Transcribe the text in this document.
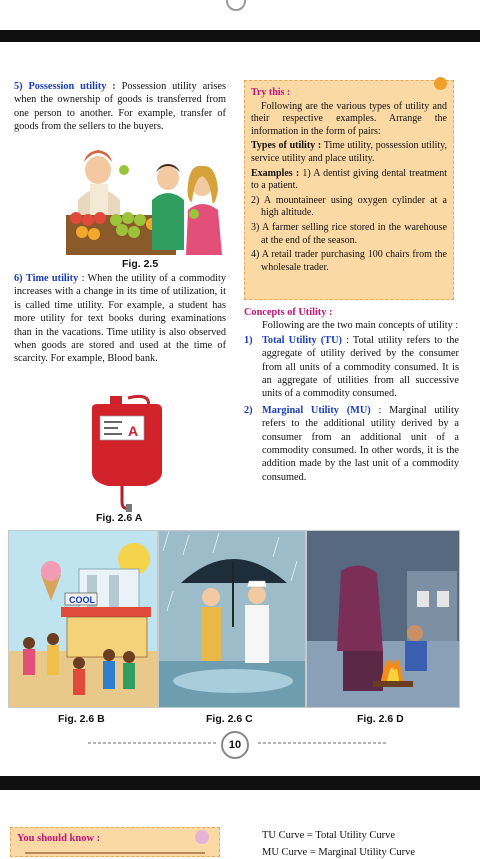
5) Possession utility : Possession utility arises when the ownership of goods is transferred from one person to another. For example, transfer of goods from the sellers to the buyers.
Fig. 2.5
6) Time utility : When the utility of a commodity increases with a change in its time of utilization, it is called time utility. For example, a student has more utility for text books during examinations than in the vacations. Time utility is also observed when goods are stored and used at the time of scarcity. For example, Blood bank.
A
Fig. 2.6 A
Try this :
Following are the various types of utility and their respective examples. Arrange the information in the form of pairs:
Types of utility : Time utility, possession utility, service utility and place utility.
Examples : 1) A dentist giving dental treatment to a patient.
2) A mountaineer using oxygen cylinder at a high altitude.
3) A farmer selling rice stored in the warehouse at the end of the season.
4) A retail trader purchasing 100 chairs from the wholesale trader.
Concepts of Utility :
Following are the two main concepts of utility :
1) Total Utility (TU) : Total utility refers to the aggregate of utility derived by the consumer from all units of a commodity consumed. It is an aggregate of utilities from all successive units of a commodity consumed.
2) Marginal Utility (MU) : Marginal utility refers to the additional utility derived by a consumer from an additional unit of a commodity consumed. In other words, it is the addition made by the last unit of a commodity consumed.
COOL
Fig. 2.6 B	Fig. 2.6 C	Fig. 2.6 D
10
You should know :	TU Curve = Total Utility Curve
MU Curve = Marginal Utility Curve
